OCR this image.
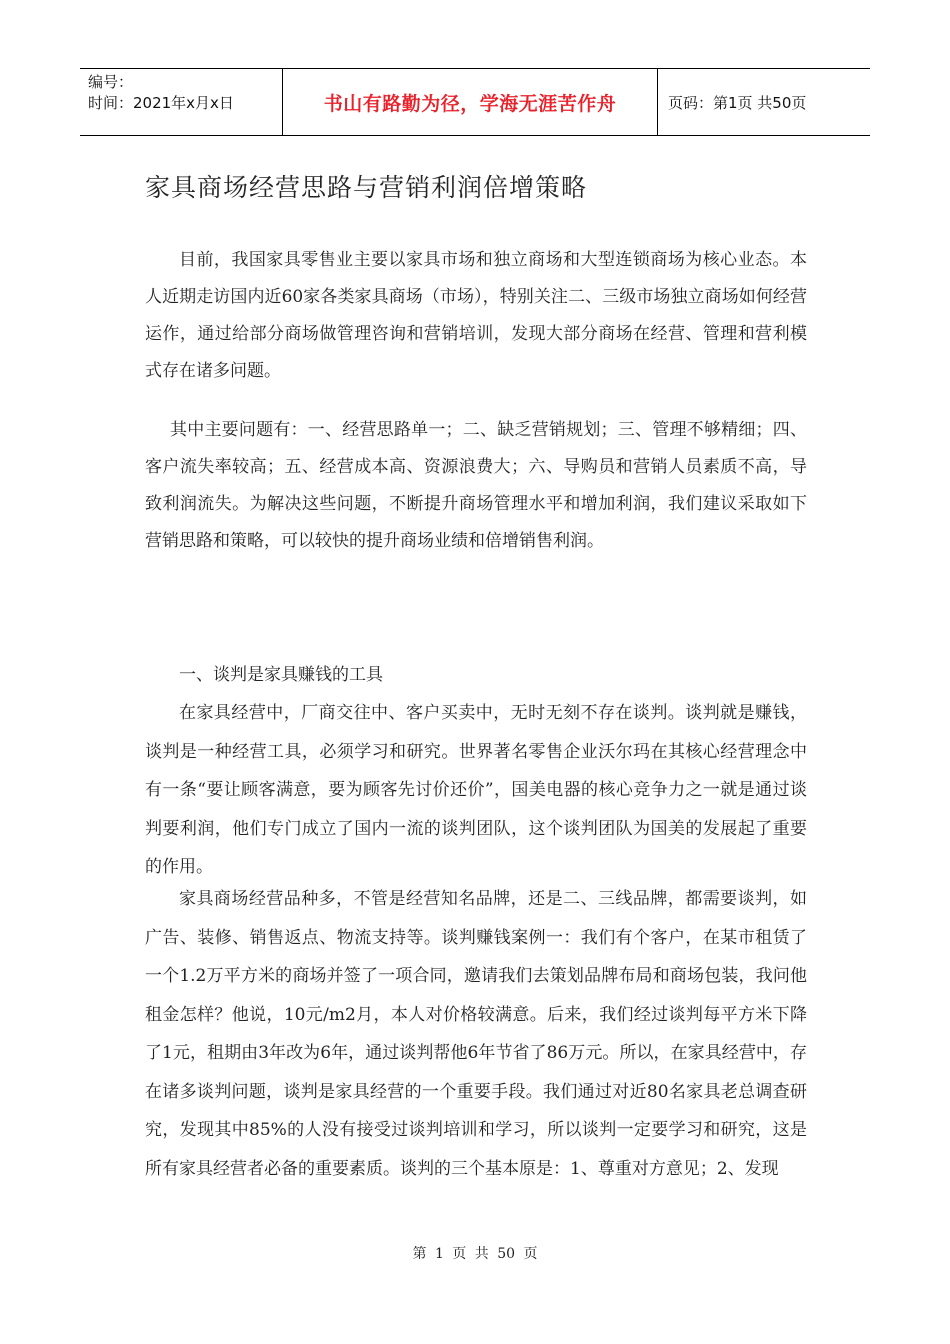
编号：
时间：2021年x月x日	书山有路勤为径，学海无涯苦作舟	页码：第1页 共50页
家具商场经营思路与营销利润倍增策略

目前，我国家具零售业主要以家具市场和独立商场和大型连锁商场为核心业态。本人近期走访国内近60家各类家具商场（市场），特别关注二、三级市场独立商场如何经营运作，通过给部分商场做管理咨询和营销培训，发现大部分商场在经营、管理和营利模式存在诸多问题。

其中主要问题有：一、经营思路单一；二、缺乏营销规划；三、管理不够精细；四、客户流失率较高；五、经营成本高、资源浪费大；六、导购员和营销人员素质不高，导致利润流失。为解决这些问题，不断提升商场管理水平和增加利润，我们建议采取如下营销思路和策略，可以较快的提升商场业绩和倍增销售利润。

一、谈判是家具赚钱的工具

在家具经营中，厂商交往中、客户买卖中，无时无刻不存在谈判。谈判就是赚钱，谈判是一种经营工具，必须学习和研究。世界著名零售企业沃尔玛在其核心经营理念中有一条“要让顾客满意，要为顾客先讨价还价”，国美电器的核心竞争力之一就是通过谈判要利润，他们专门成立了国内一流的谈判团队，这个谈判团队为国美的发展起了重要的作用。

家具商场经营品种多，不管是经营知名品牌，还是二、三线品牌，都需要谈判，如广告、装修、销售返点、物流支持等。谈判赚钱案例一：我们有个客户，在某市租赁了一个1.2万平方米的商场并签了一项合同，邀请我们去策划品牌布局和商场包装，我问他租金怎样？他说，10元/m2月，本人对价格较满意。后来，我们经过谈判每平方米下降了1元，租期由3年改为6年，通过谈判帮他6年节省了86万元。所以，在家具经营中，存在诸多谈判问题，谈判是家具经营的一个重要手段。我们通过对近80名家具老总调查研究，发现其中85%的人没有接受过谈判培训和学习，所以谈判一定要学习和研究，这是所有家具经营者必备的重要素质。谈判的三个基本原是：1、尊重对方意见；2、发现

第 1 页 共 50 页
